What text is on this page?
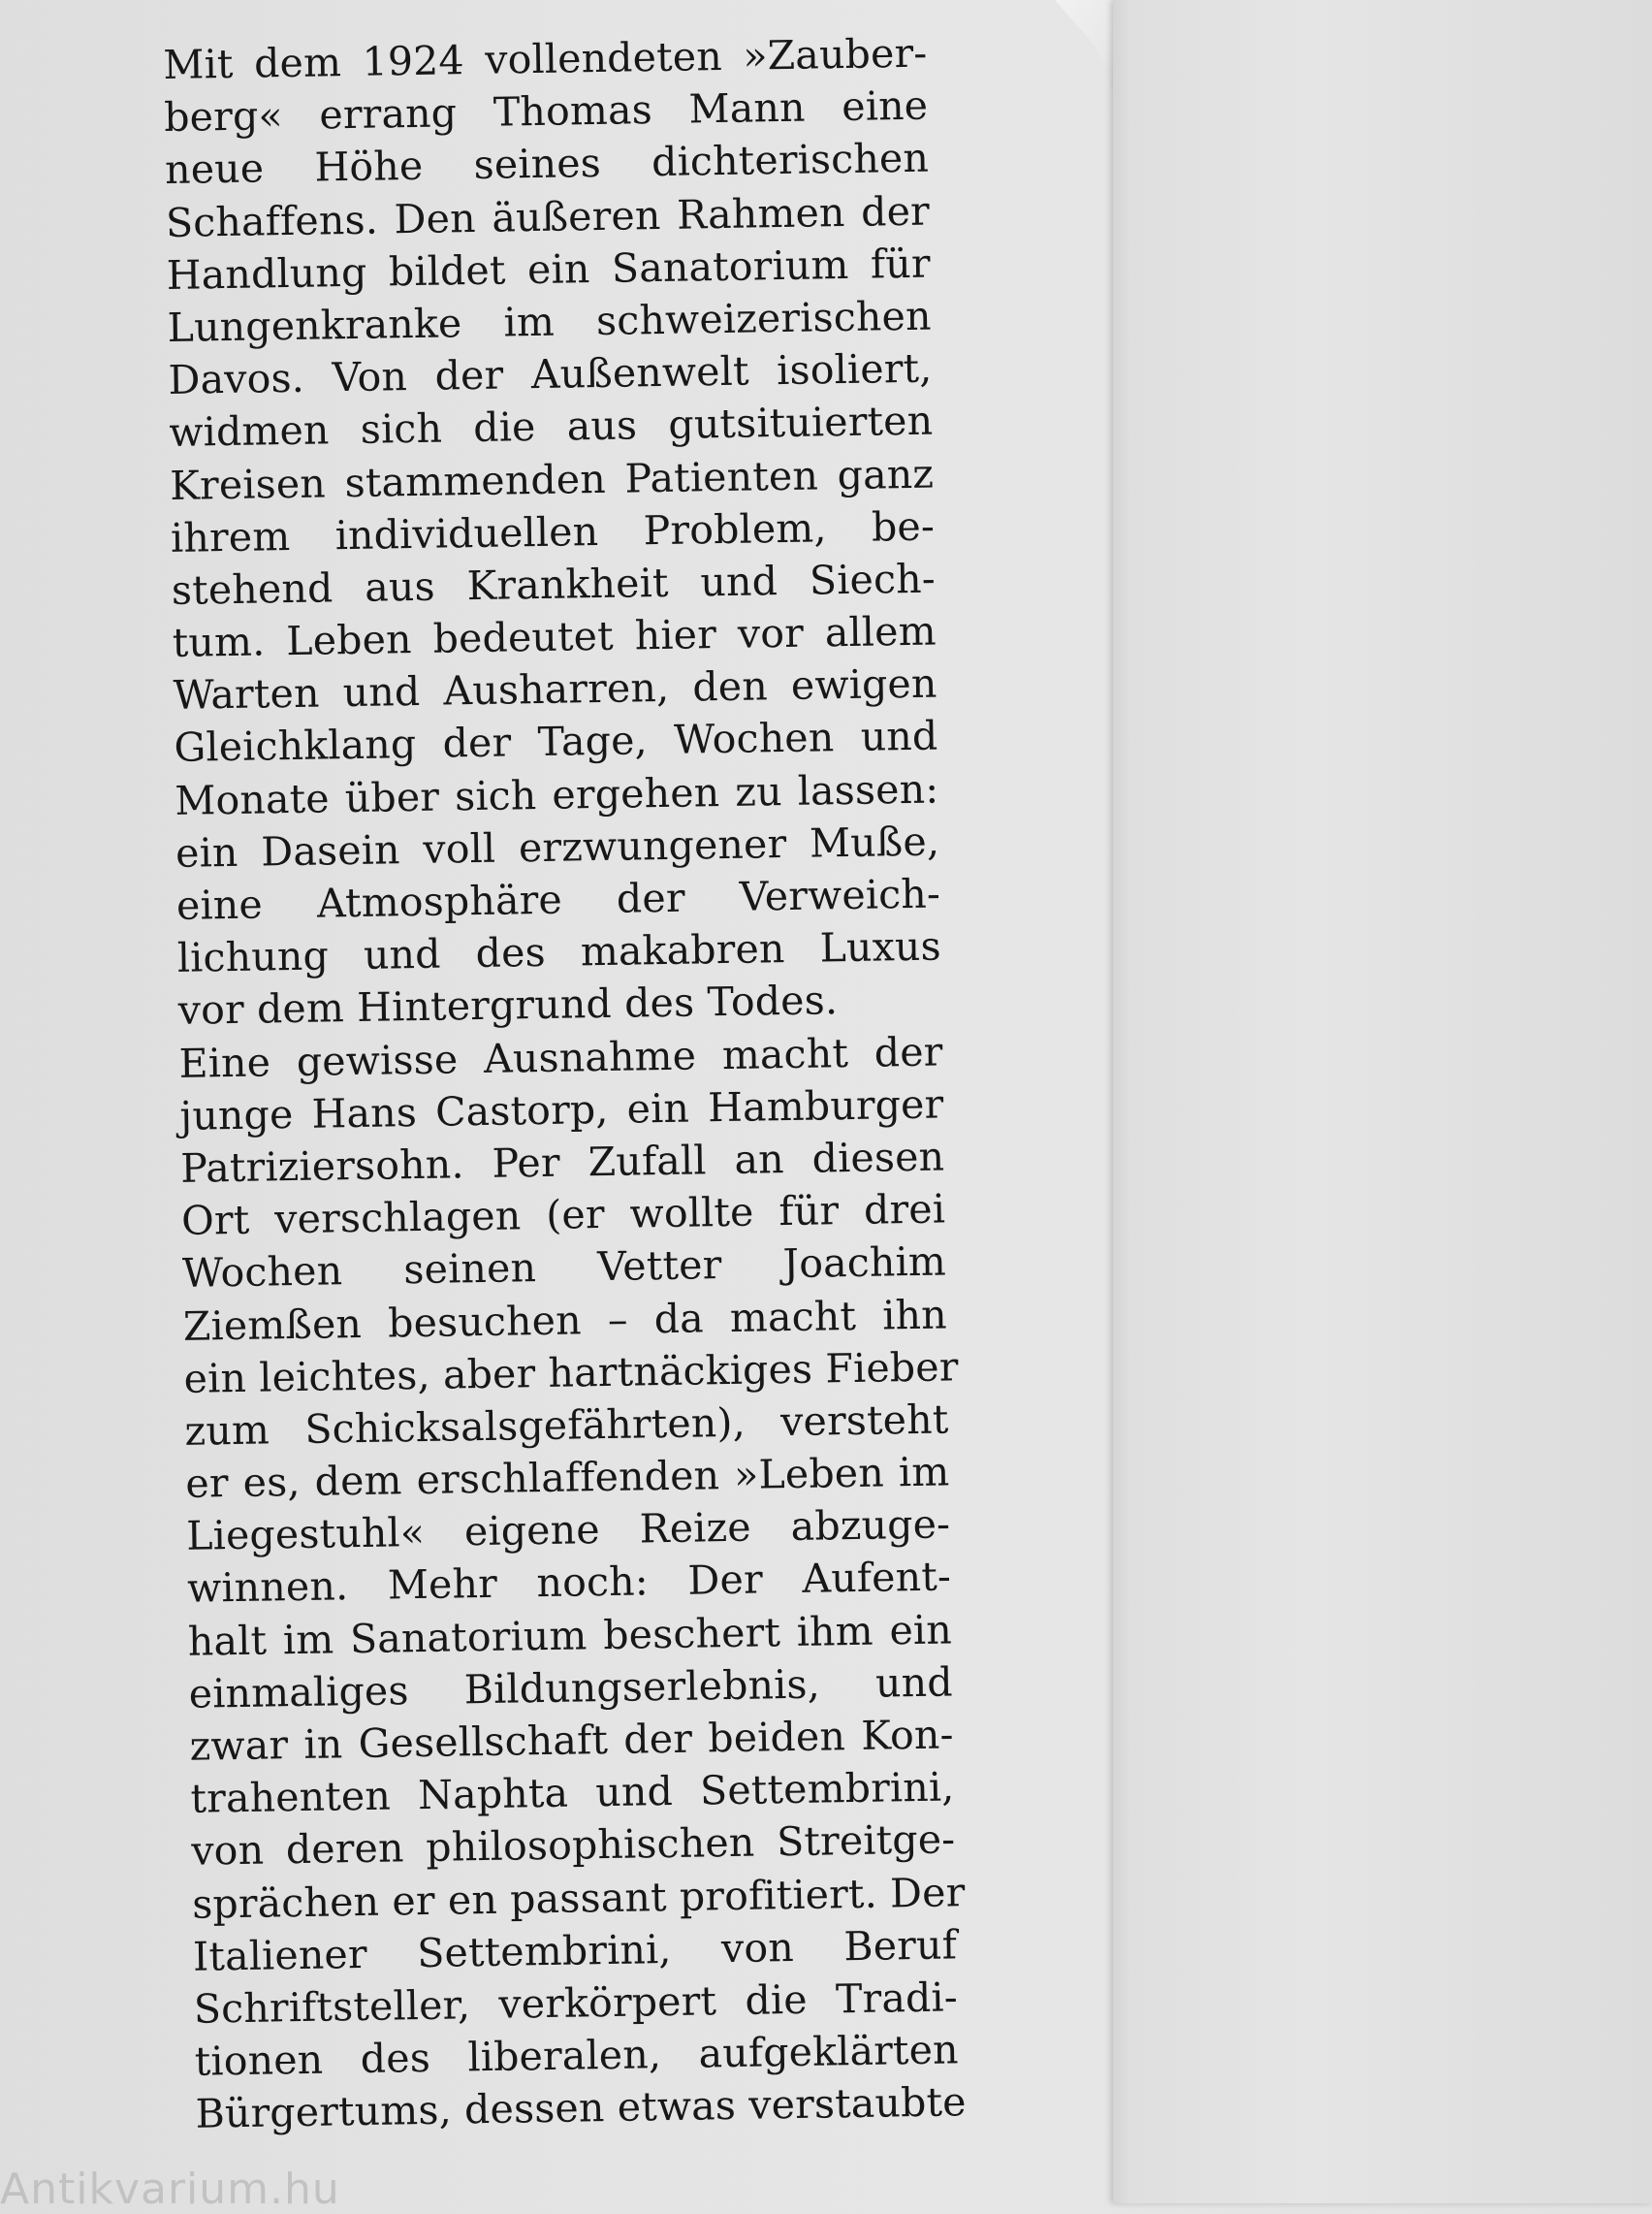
Mit dem 1924 vollendeten »Zauber-
berg« errang Thomas Mann eine
neue Höhe seines dichterischen
Schaffens. Den äußeren Rahmen der
Handlung bildet ein Sanatorium für
Lungenkranke im schweizerischen
Davos. Von der Außenwelt isoliert,
widmen sich die aus gutsituierten
Kreisen stammenden Patienten ganz
ihrem individuellen Problem, be-
stehend aus Krankheit und Siech-
tum. Leben bedeutet hier vor allem
Warten und Ausharren, den ewigen
Gleichklang der Tage, Wochen und
Monate über sich ergehen zu lassen:
ein Dasein voll erzwungener Muße,
eine Atmosphäre der Verweich-
lichung und des makabren Luxus
vor dem Hintergrund des Todes.
Eine gewisse Ausnahme macht der
junge Hans Castorp, ein Hamburger
Patriziersohn. Per Zufall an diesen
Ort verschlagen (er wollte für drei
Wochen seinen Vetter Joachim
Ziemßen besuchen – da macht ihn
ein leichtes, aber hartnäckiges Fieber
zum Schicksalsgefährten), versteht
er es, dem erschlaffenden »Leben im
Liegestuhl« eigene Reize abzuge-
winnen. Mehr noch: Der Aufent-
halt im Sanatorium beschert ihm ein
einmaliges Bildungserlebnis, und
zwar in Gesellschaft der beiden Kon-
trahenten Naphta und Settembrini,
von deren philosophischen Streitge-
sprächen er en passant profitiert. Der
Italiener Settembrini, von Beruf
Schriftsteller, verkörpert die Tradi-
tionen des liberalen, aufgeklärten
Bürgertums, dessen etwas verstaubte
Antikvarium.hu
